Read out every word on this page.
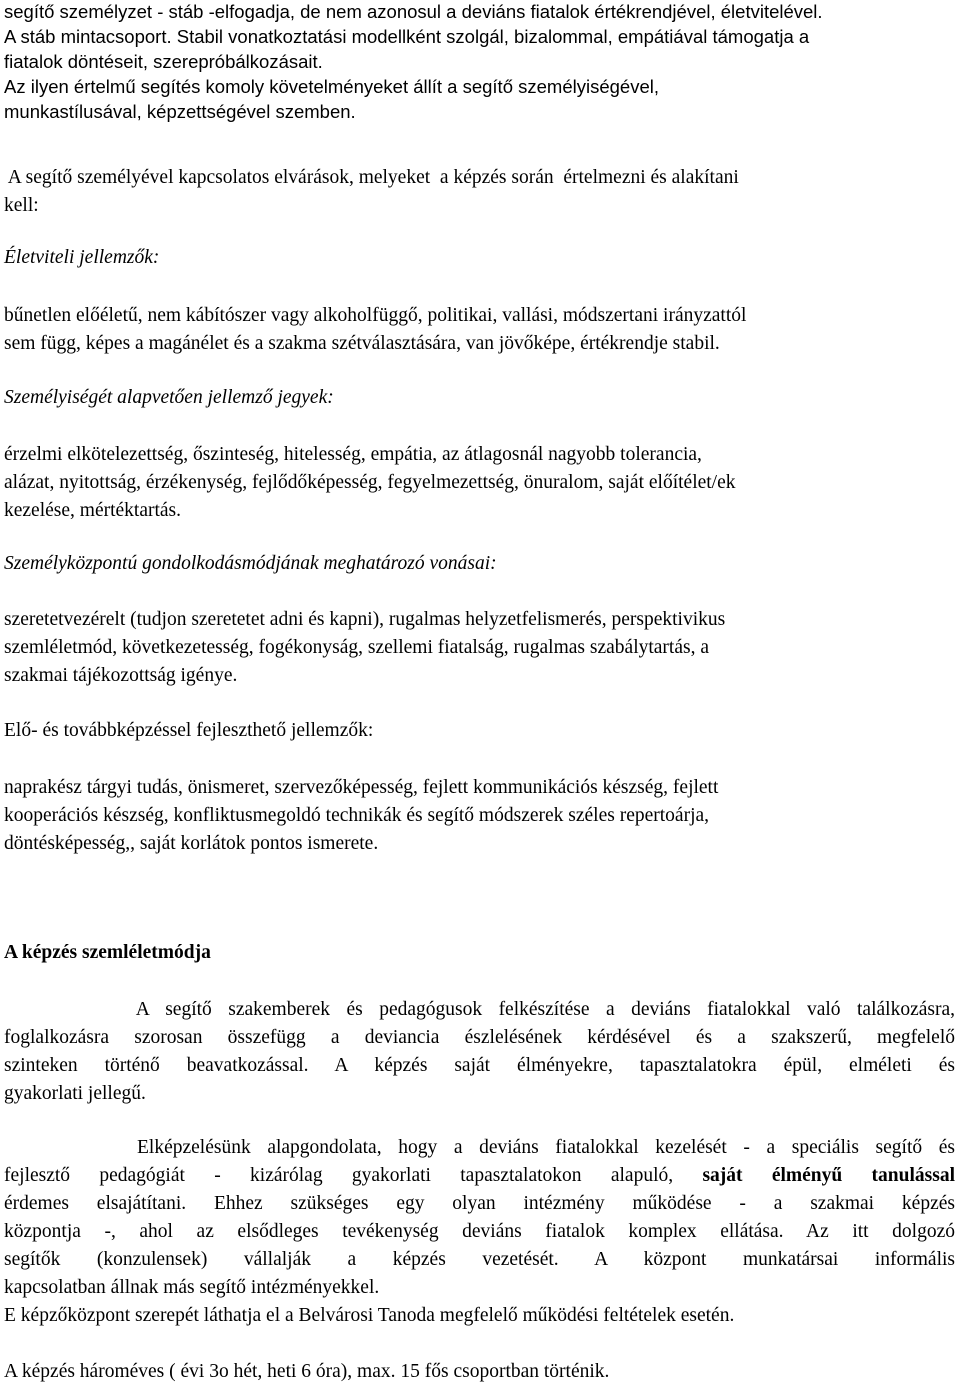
segítő személyzet - stáb -elfogadja, de nem azonosul a deviáns fiatalok értékrendjével, életvitelével.
A stáb mintacsoport. Stabil vonatkoztatási modellként szolgál, bizalommal, empátiával támogatja a
fiatalok döntéseit, szerepróbálkozásait.
Az ilyen értelmű segítés komoly követelményeket állít a segítő személyiségével,
munkastílusával, képzettségével szemben.
A segítő személyével kapcsolatos elvárások, melyeket  a képzés során  értelmezni és alakítani
kell:
Életviteli jellemzők:
bűnetlen előéletű, nem kábítószer vagy alkoholfüggő, politikai, vallási, módszertani irányzattól
sem függ, képes a magánélet és a szakma szétválasztására, van jövőképe, értékrendje stabil.
Személyiségét alapvetően jellemző jegyek:
érzelmi elkötelezettség, őszinteség, hitelesség, empátia, az átlagosnál nagyobb tolerancia,
alázat, nyitottság, érzékenység, fejlődőképesség, fegyelmezettség, önuralom, saját előítélet/ek
kezelése, mértéktartás.
Személyközpontú gondolkodásmódjának meghatározó vonásai:
szeretetvezérelt (tudjon szeretetet adni és kapni), rugalmas helyzetfelismerés, perspektivikus
szemléletmód, következetesség, fogékonyság, szellemi fiatalság, rugalmas szabálytartás, a
szakmai tájékozottság igénye.
Elő- és továbbképzéssel fejleszthető jellemzők:
naprakész tárgyi tudás, önismeret, szervezőképesség, fejlett kommunikációs készség, fejlett
kooperációs készség, konfliktusmegoldó technikák és segítő módszerek széles repertoárja,
döntésképesség,, saját korlátok pontos ismerete.
A képzés szemléletmódja
A segítő szakemberek és pedagógusok felkészítése a deviáns fiatalokkal való találkozásra,
foglalkozásra szorosan összefügg a deviancia észlelésének kérdésével és a szakszerű, megfelelő
szinteken történő beavatkozással. A képzés saját élményekre, tapasztalatokra épül, elméleti és
gyakorlati jellegű.
Elképzelésünk alapgondolata, hogy a deviáns fiatalokkal kezelését - a speciális segítő és
fejlesztő pedagógiát - kizárólag gyakorlati tapasztalatokon alapuló, saját élményű tanulással
érdemes elsajátítani. Ehhez szükséges egy olyan intézmény működése - a szakmai képzés
központja -, ahol az elsődleges tevékenység deviáns fiatalok komplex ellátása. Az itt dolgozó
segítők (konzulensek) vállalják a képzés vezetését. A központ munkatársai informális
kapcsolatban állnak más segítő intézményekkel.
E képzőközpont szerepét láthatja el a Belvárosi Tanoda megfelelő működési feltételek esetén.
A képzés hároméves ( évi 3o hét, heti 6 óra), max. 15 fős csoportban történik.
